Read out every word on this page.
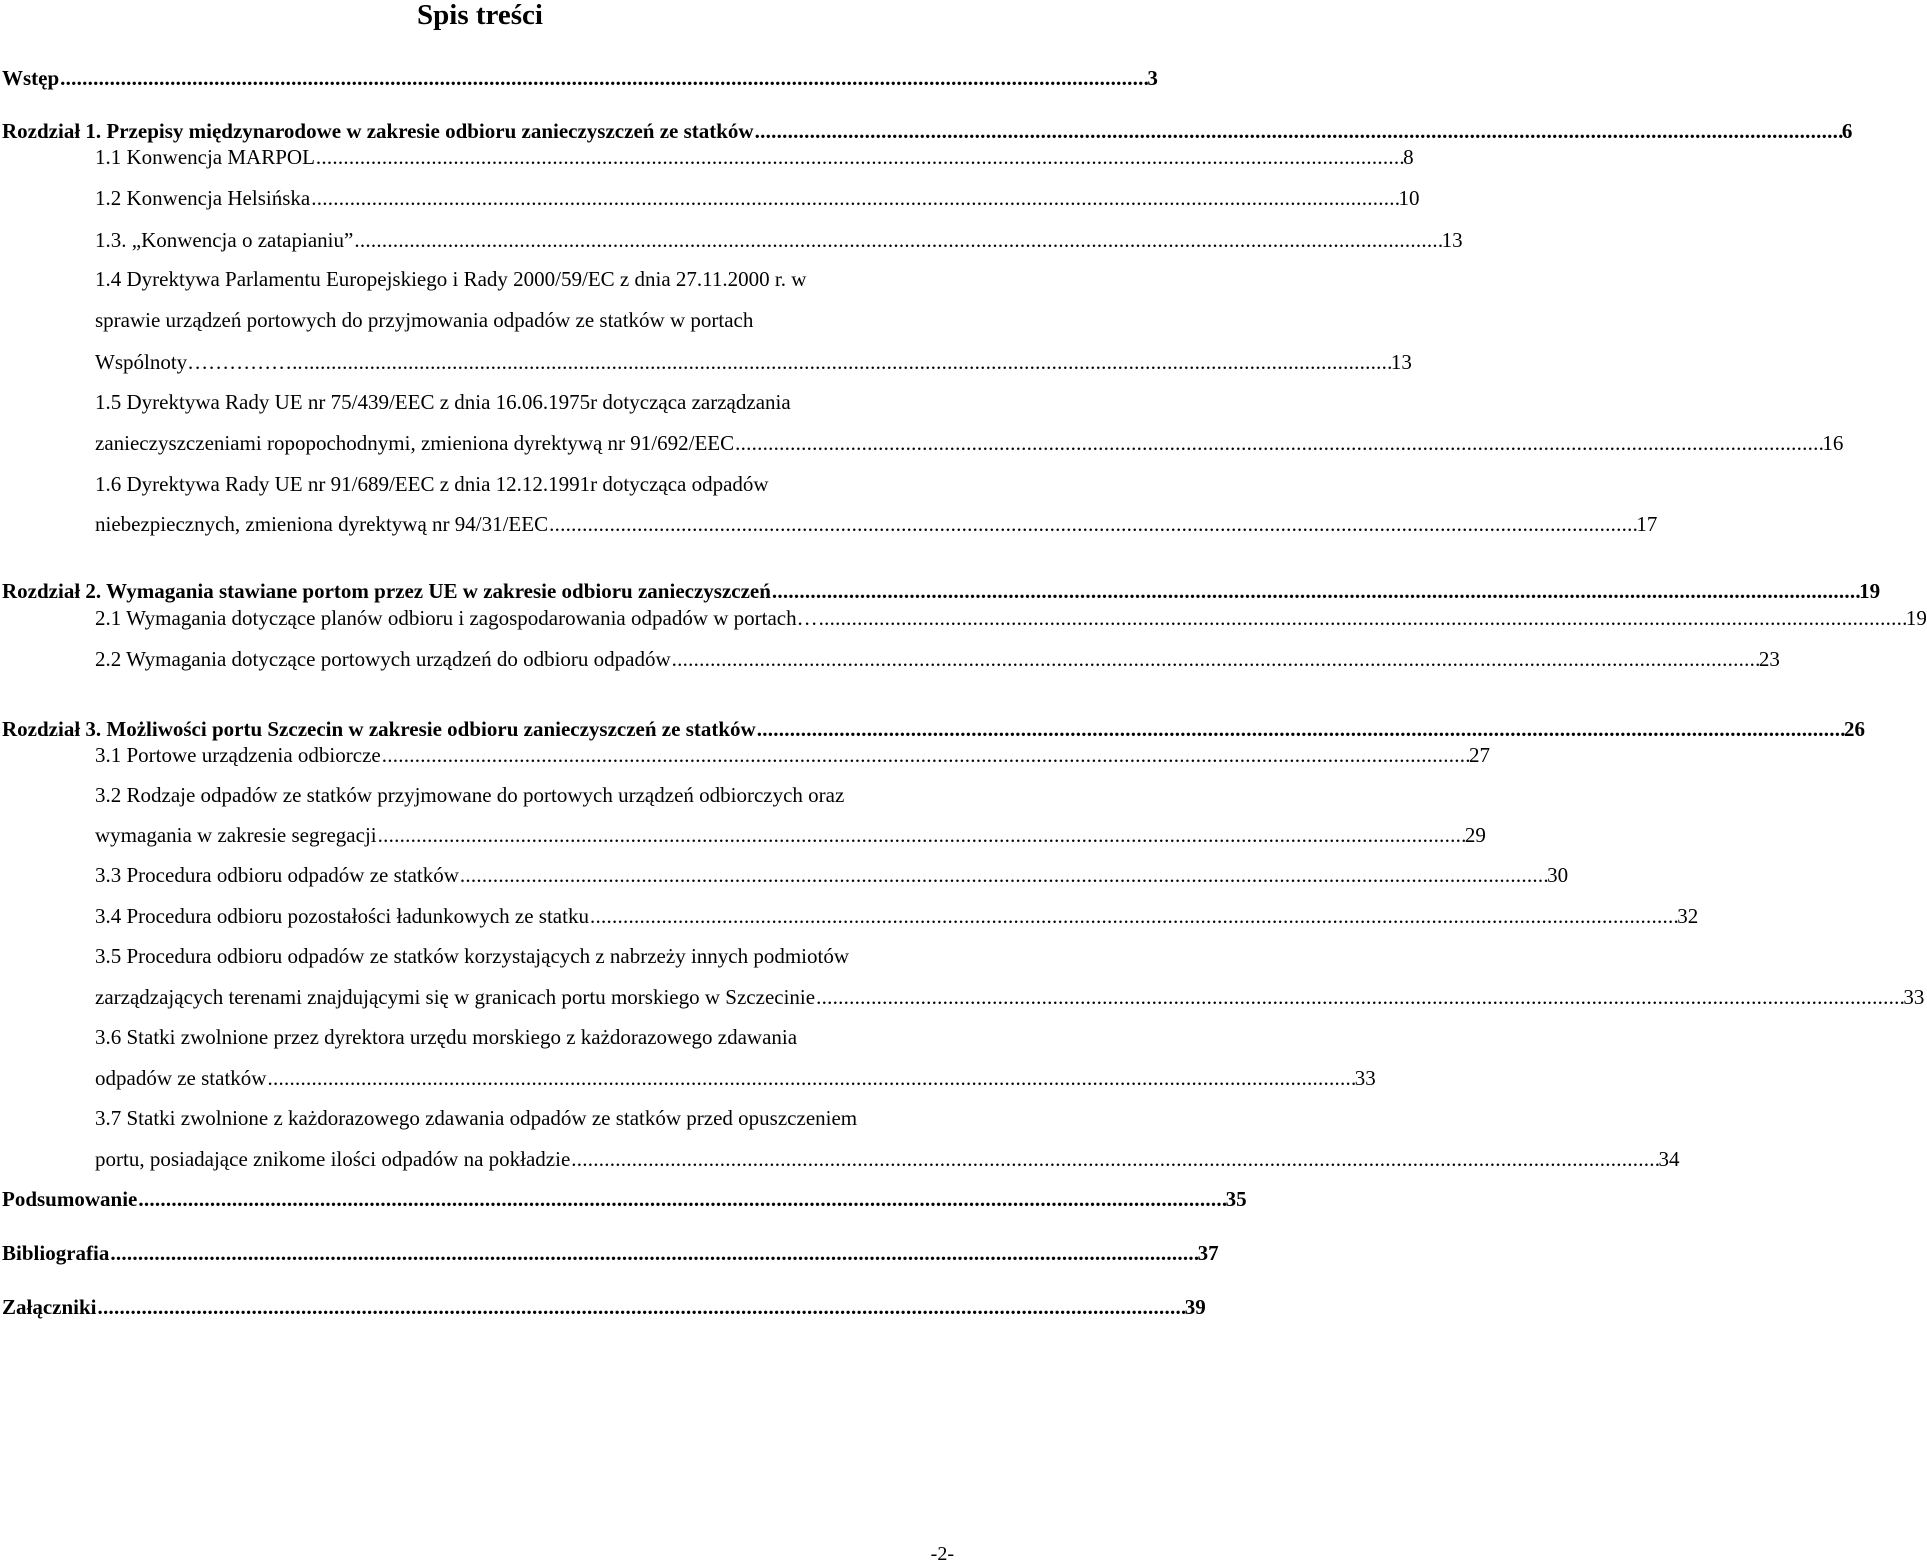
Spis treści
Wstęp . . .	3
Rozdział 1. Przepisy międzynarodowe w zakresie odbioru zanieczyszczeń ze statków . . .	6
1.1 Konwencja MARPOL . . .	8
1.2 Konwencja Helsińska . . .	10
1.3. „Konwencja o zatapianiu” . . .	13
1.4 Dyrektywa Parlamentu Europejskiego i Rady 2000/59/EC z dnia 27.11.2000 r. w
sprawie urządzeń portowych do przyjmowania odpadów ze statków w portach
Wspólnoty…………….. . . .	13
1.5 Dyrektywa Rady UE nr 75/439/EEC z dnia 16.06.1975r dotycząca zarządzania
zanieczyszczeniami ropopochodnymi, zmieniona dyrektywą nr 91/692/EEC . . .	16
1.6 Dyrektywa Rady UE nr 91/689/EEC z dnia 12.12.1991r dotycząca odpadów
niebezpiecznych, zmieniona dyrektywą nr 94/31/EEC . . .	17
Rozdział 2. Wymagania stawiane portom przez UE w zakresie odbioru zanieczyszczeń . . .	19
2.1 Wymagania dotyczące planów odbioru i zagospodarowania odpadów w portach… . . .	19
2.2 Wymagania dotyczące portowych urządzeń do odbioru odpadów . . .	23
Rozdział 3. Możliwości portu Szczecin w zakresie odbioru zanieczyszczeń ze statków . . .	26
3.1 Portowe urządzenia odbiorcze . . .	27
3.2 Rodzaje odpadów ze statków przyjmowane do portowych urządzeń odbiorczych oraz
wymagania w zakresie segregacji . . .	29
3.3 Procedura odbioru odpadów ze statków . . .	30
3.4 Procedura odbioru pozostałości ładunkowych ze statku . . .	32
3.5 Procedura odbioru odpadów ze statków korzystających z nabrzeży innych podmiotów
zarządzających terenami znajdującymi się w granicach portu morskiego w Szczecinie . . .	33
3.6 Statki zwolnione przez dyrektora urzędu morskiego z każdorazowego zdawania
odpadów ze statków . . .	33
3.7 Statki zwolnione z każdorazowego zdawania odpadów ze statków przed opuszczeniem
portu, posiadające znikome ilości odpadów na pokładzie . . .	34
Podsumowanie . . .	35
Bibliografia . . .	37
Załączniki . . .	39
-2-
